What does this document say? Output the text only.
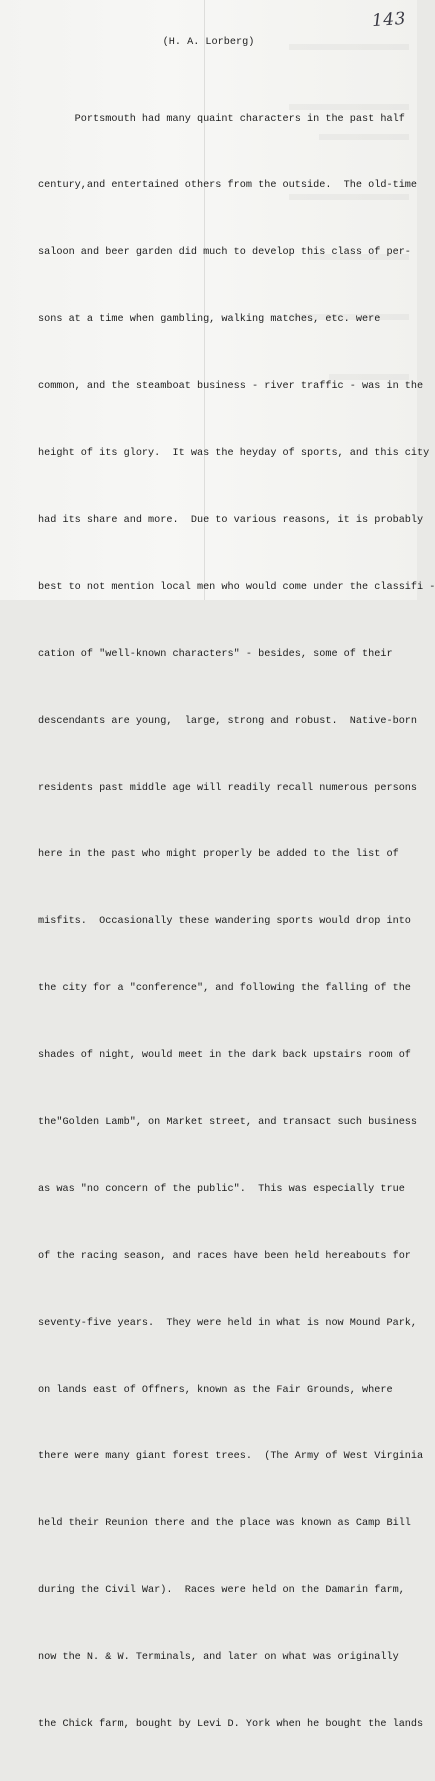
143
(H. A. Lorberg)

Portsmouth had many quaint characters in the past half

century,and entertained others from the outside.  The old-time

saloon and beer garden did much to develop this class of per-

sons at a time when gambling, walking matches, etc. were

common, and the steamboat business - river traffic - was in the

height of its glory.  It was the heyday of sports, and this city

had its share and more.  Due to various reasons, it is probably

best to not mention local men who would come under the classifi -

cation of "well-known characters" - besides, some of their

descendants are young,  large, strong and robust.  Native-born

residents past middle age will readily recall numerous persons

here in the past who might properly be added to the list of

misfits.  Occasionally these wandering sports would drop into

the city for a "conference", and following the falling of the

shades of night, would meet in the dark back upstairs room of

the"Golden Lamb", on Market street, and transact such business

as was "no concern of the public".  This was especially true

of the racing season, and races have been held hereabouts for

seventy-five years.  They were held in what is now Mound Park,

on lands east of Offners, known as the Fair Grounds, where

there were many giant forest trees.  (The Army of West Virginia

held their Reunion there and the place was known as Camp Bill

during the Civil War).  Races were held on the Damarin farm,

now the N. & W. Terminals, and later on what was originally

the Chick farm, bought by Levi D. York when he bought the lands
